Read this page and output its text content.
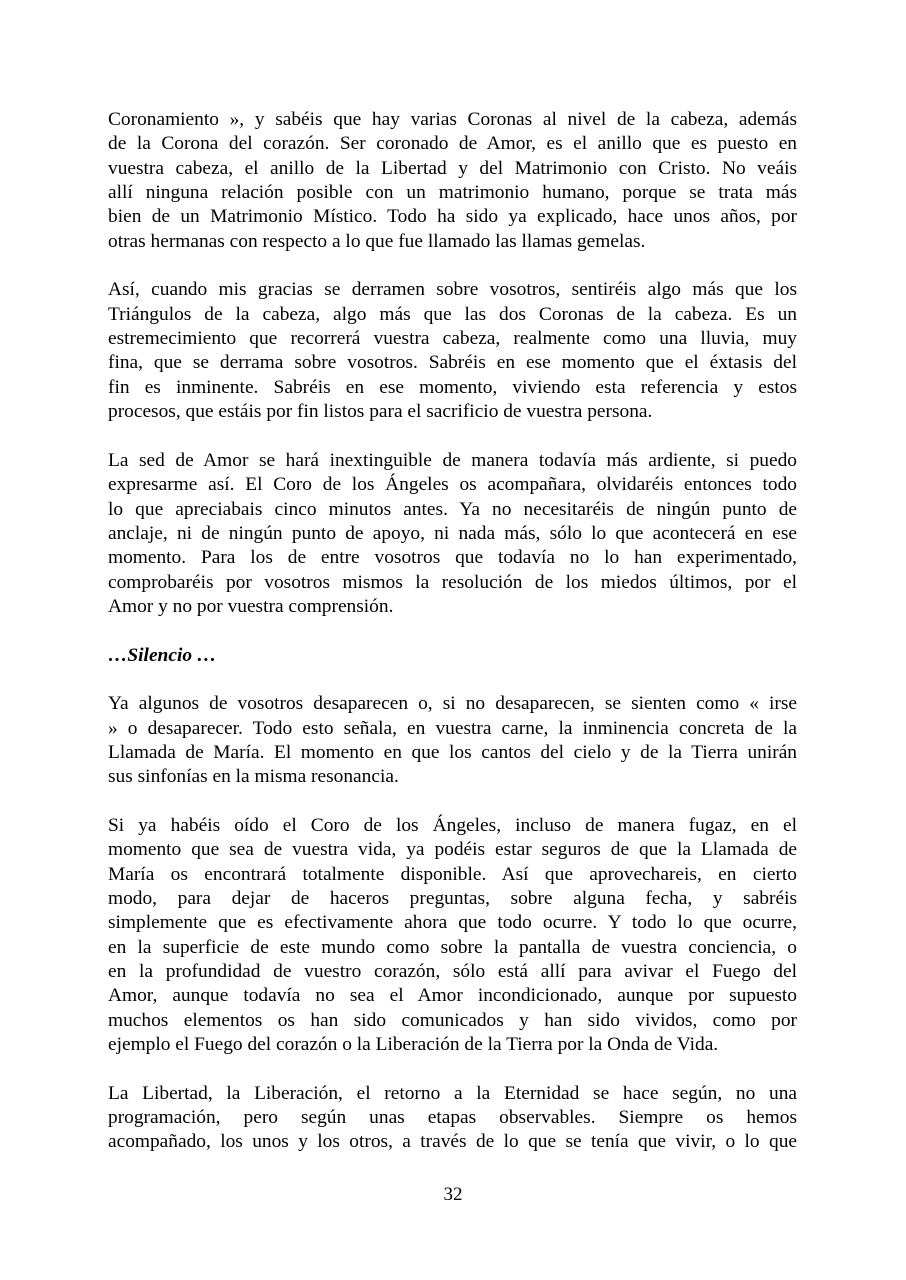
Coronamiento », y sabéis que hay varias Coronas al nivel de la cabeza, además
de la Corona del corazón. Ser coronado de Amor, es el anillo que es puesto en
vuestra cabeza, el anillo de la Libertad y del Matrimonio con Cristo. No veáis
allí ninguna relación posible con un matrimonio humano, porque se trata más
bien de un Matrimonio Místico. Todo ha sido ya explicado, hace unos años, por
otras hermanas con respecto a lo que fue llamado las llamas gemelas.
Así, cuando mis gracias se derramen sobre vosotros, sentiréis algo más que los
Triángulos de la cabeza, algo más que las dos Coronas de la cabeza. Es un
estremecimiento que recorrerá vuestra cabeza, realmente como una lluvia, muy
fina, que se derrama sobre vosotros. Sabréis en ese momento que el éxtasis del
fin es inminente. Sabréis en ese momento, viviendo esta referencia y estos
procesos, que estáis por fin listos para el sacrificio de vuestra persona.
La sed de Amor se hará inextinguible de manera todavía más ardiente, si puedo
expresarme así. El Coro de los Ángeles os acompañara, olvidaréis entonces todo
lo que apreciabais cinco minutos antes. Ya no necesitaréis de ningún punto de
anclaje, ni de ningún punto de apoyo, ni nada más, sólo lo que acontecerá en ese
momento. Para los de entre vosotros que todavía no lo han experimentado,
comprobaréis por vosotros mismos la resolución de los miedos últimos, por el
Amor y no por vuestra comprensión.
…Silencio …
Ya algunos de vosotros desaparecen o, si no desaparecen, se sienten como « irse
» o desaparecer. Todo esto señala, en vuestra carne, la inminencia concreta de la
Llamada de María. El momento en que los cantos del cielo y de la Tierra unirán
sus sinfonías en la misma resonancia.
Si ya habéis oído el Coro de los Ángeles, incluso de manera fugaz, en el
momento que sea de vuestra vida, ya podéis estar seguros de que la Llamada de
María os encontrará totalmente disponible. Así que aprovechareis, en cierto
modo, para dejar de haceros preguntas, sobre alguna fecha, y sabréis
simplemente que es efectivamente ahora que todo ocurre. Y todo lo que ocurre,
en la superficie de este mundo como sobre la pantalla de vuestra conciencia, o
en la profundidad de vuestro corazón, sólo está allí para avivar el Fuego del
Amor, aunque todavía no sea el Amor incondicionado, aunque por supuesto
muchos elementos os han sido comunicados y han sido vividos, como por
ejemplo el Fuego del corazón o la Liberación de la Tierra por la Onda de Vida.
La Libertad, la Liberación, el retorno a la Eternidad se hace según, no una
programación, pero según unas etapas observables. Siempre os hemos
acompañado, los unos y los otros, a través de lo que se tenía que vivir, o lo que
32
